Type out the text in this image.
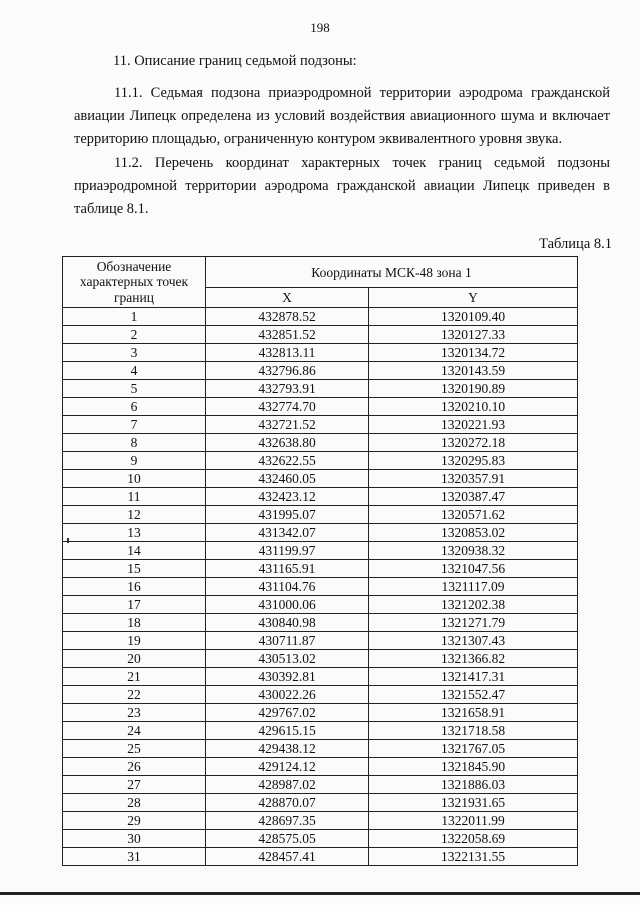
198
11. Описание границ седьмой подзоны:
11.1. Седьмая подзона приаэродромной территории аэродрома гражданской авиации Липецк определена из условий воздействия авиационного шума и включает территорию площадью, ограниченную контуром эквивалентного уровня звука.
11.2. Перечень координат характерных точек границ седьмой подзоны приаэродромной территории аэродрома гражданской авиации Липецк приведен в таблице 8.1.
Таблица 8.1
Обозначение характерных точек границ	Координаты МСК-48 зона 1	
	X	Y
1	432878.52	1320109.40
2	432851.52	1320127.33
3	432813.11	1320134.72
4	432796.86	1320143.59
5	432793.91	1320190.89
6	432774.70	1320210.10
7	432721.52	1320221.93
8	432638.80	1320272.18
9	432622.55	1320295.83
10	432460.05	1320357.91
11	432423.12	1320387.47
12	431995.07	1320571.62
13	431342.07	1320853.02
14	431199.97	1320938.32
15	431165.91	1321047.56
16	431104.76	1321117.09
17	431000.06	1321202.38
18	430840.98	1321271.79
19	430711.87	1321307.43
20	430513.02	1321366.82
21	430392.81	1321417.31
22	430022.26	1321552.47
23	429767.02	1321658.91
24	429615.15	1321718.58
25	429438.12	1321767.05
26	429124.12	1321845.90
27	428987.02	1321886.03
28	428870.07	1321931.65
29	428697.35	1322011.99
30	428575.05	1322058.69
31	428457.41	1322131.55
